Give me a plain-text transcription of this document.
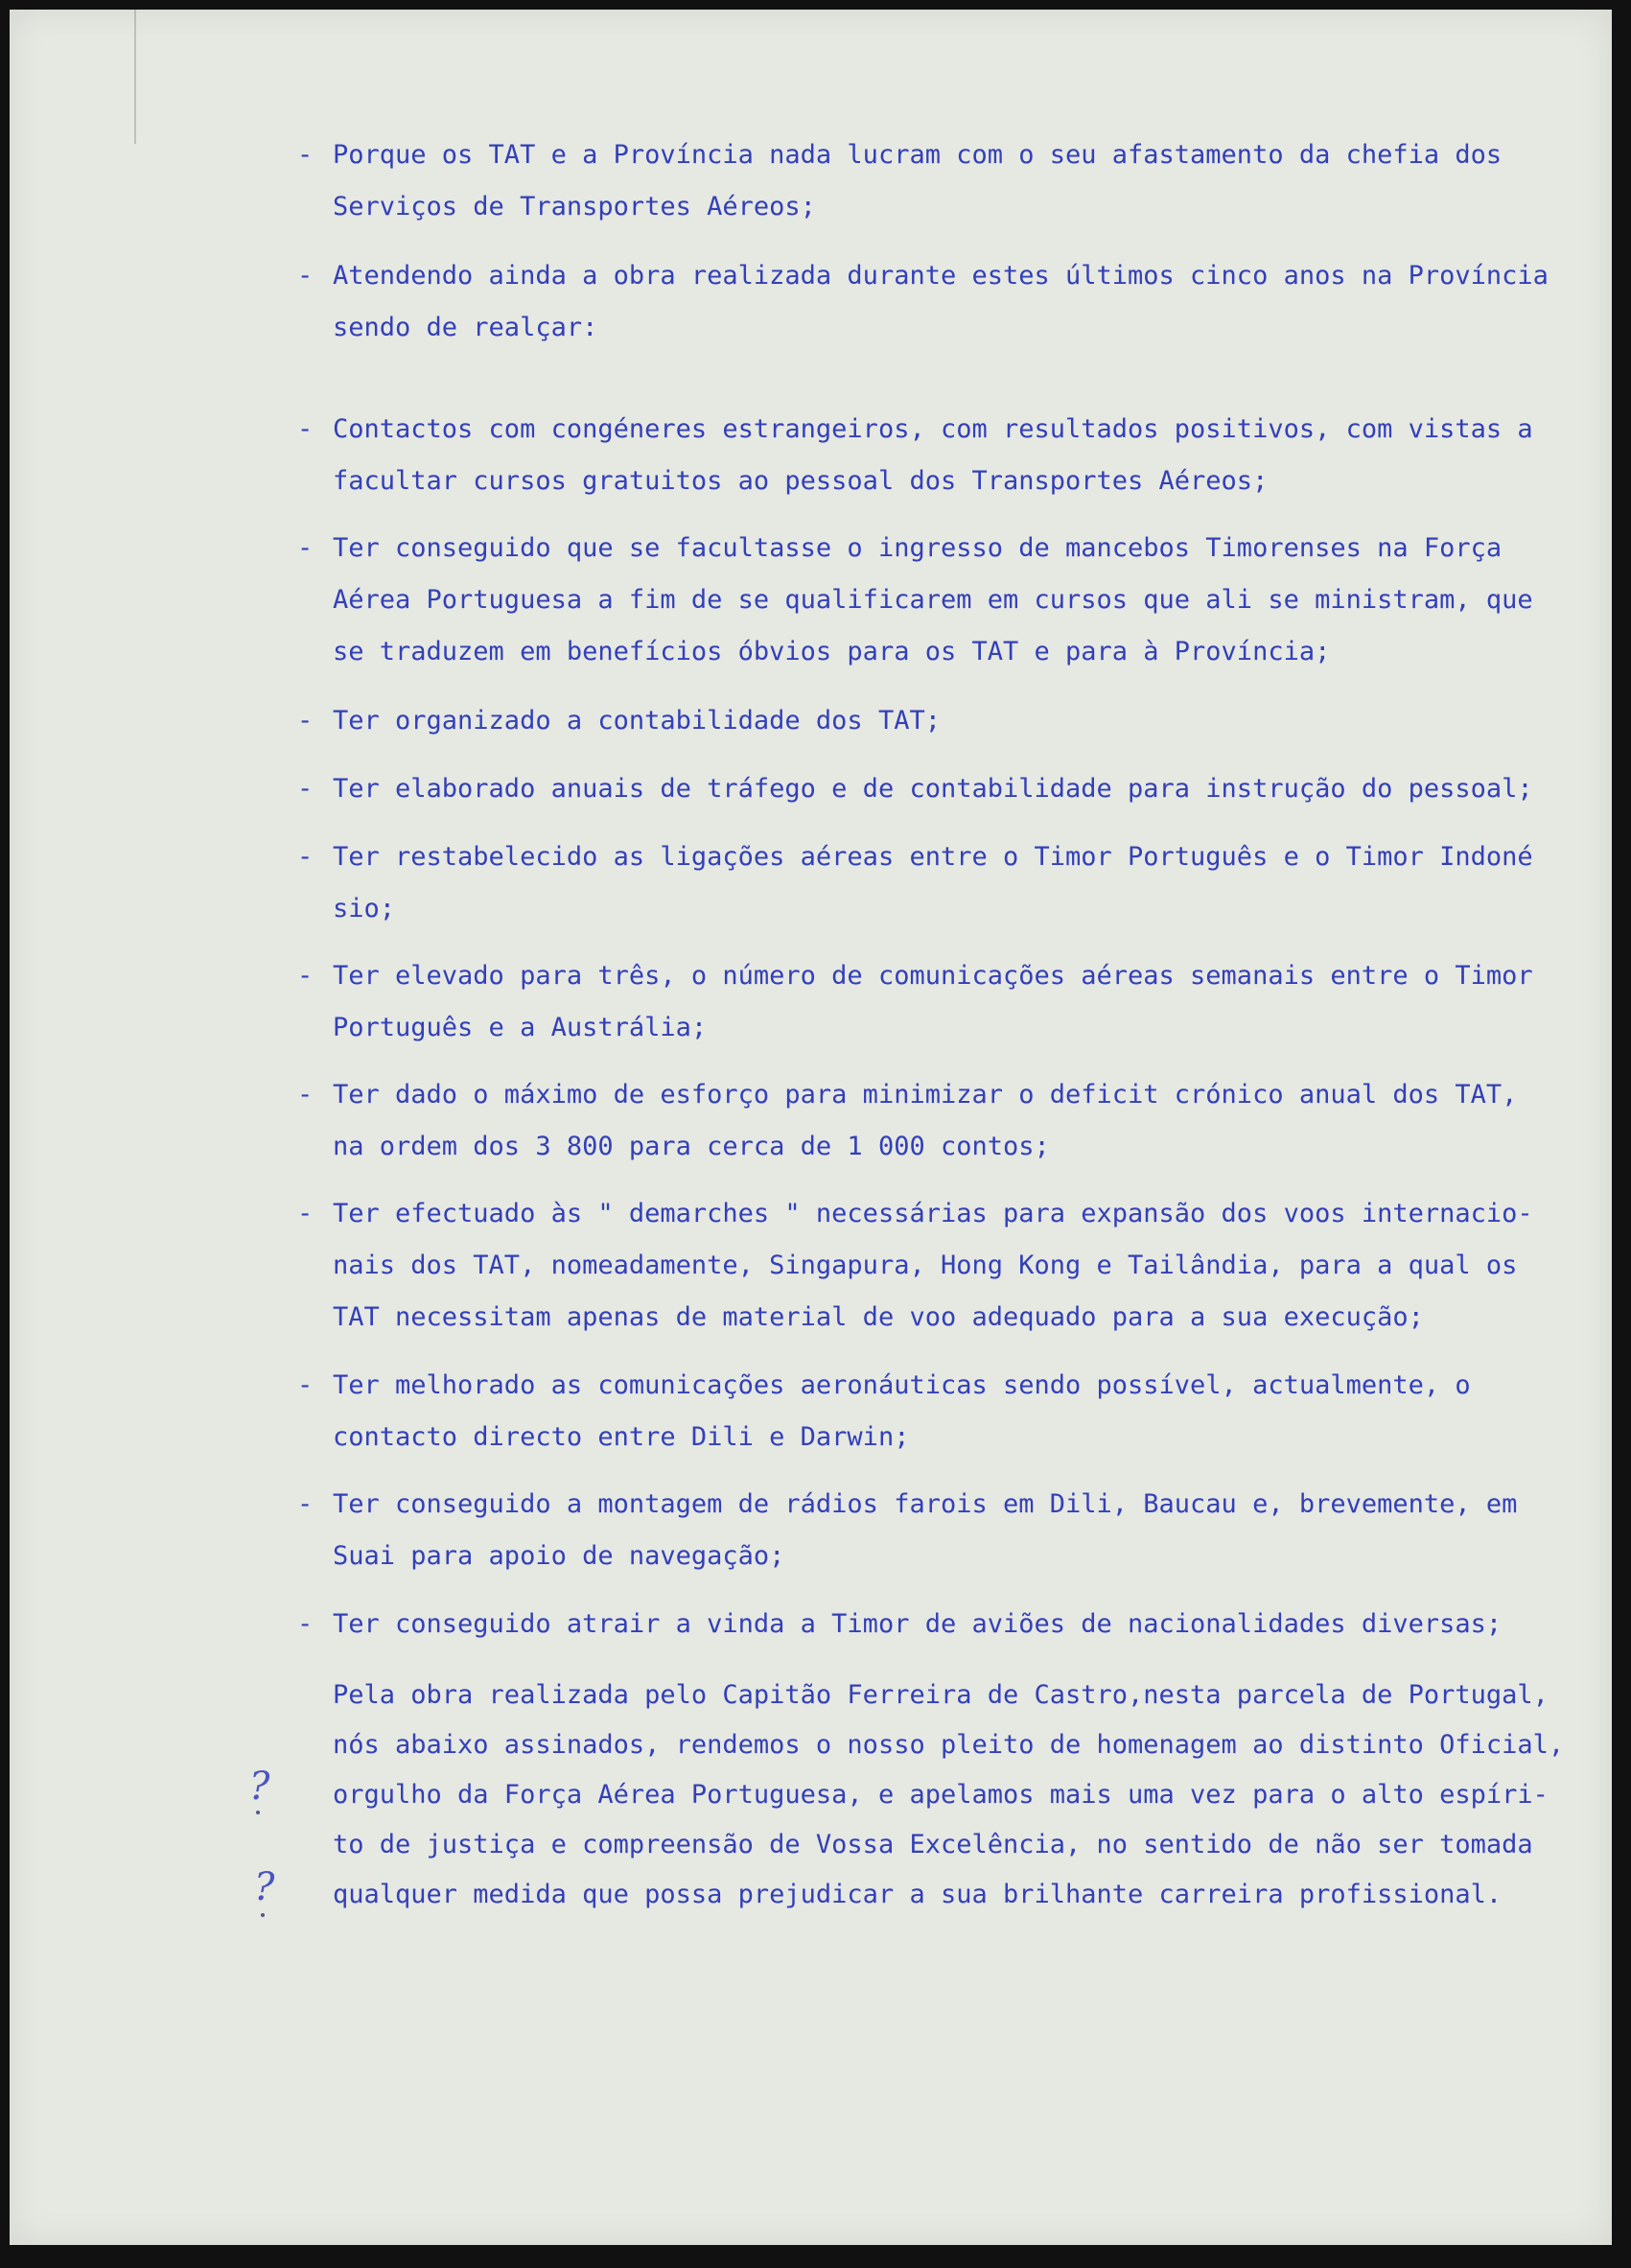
- Porque os TAT e a Província nada lucram com o seu afastamento da chefia dos
Serviços de Transportes Aéreos;
- Atendendo ainda a obra realizada durante estes últimos cinco anos na Província
sendo de realçar:
- Contactos com congéneres estrangeiros, com resultados positivos, com vistas a
facultar cursos gratuitos ao pessoal dos Transportes Aéreos;
- Ter conseguido que se facultasse o ingresso de mancebos Timorenses na Força
Aérea Portuguesa a fim de se qualificarem em cursos que ali se ministram, que
se traduzem em benefícios óbvios para os TAT e para à Província;
- Ter organizado a contabilidade dos TAT;
- Ter elaborado anuais de tráfego e de contabilidade para instrução do pessoal;
- Ter restabelecido as ligações aéreas entre o Timor Português e o Timor Indoné
sio;
- Ter elevado para três, o número de comunicações aéreas semanais entre o Timor
Português e a Austrália;
- Ter dado o máximo de esforço para minimizar o deficit crónico anual dos TAT,
na ordem dos 3 800 para cerca de 1 000 contos;
- Ter efectuado às " demarches " necessárias para expansão dos voos internacio-
nais dos TAT, nomeadamente, Singapura, Hong Kong e Tailândia, para a qual os
TAT necessitam apenas de material de voo adequado para a sua execução;
- Ter melhorado as comunicações aeronáuticas sendo possível, actualmente, o
contacto directo entre Dili e Darwin;
- Ter conseguido a montagem de rádios farois em Dili, Baucau e, brevemente, em
Suai para apoio de navegação;
- Ter conseguido atrair a vinda a Timor de aviões de nacionalidades diversas;
Pela obra realizada pelo Capitão Ferreira de Castro,nesta parcela de Portugal,
nós abaixo assinados, rendemos o nosso pleito de homenagem ao distinto Oficial,
orgulho da Força Aérea Portuguesa, e apelamos mais uma vez para o alto espíri-
to de justiça e compreensão de Vossa Excelência, no sentido de não ser tomada
qualquer medida que possa prejudicar a sua brilhante carreira profissional.
?
?
